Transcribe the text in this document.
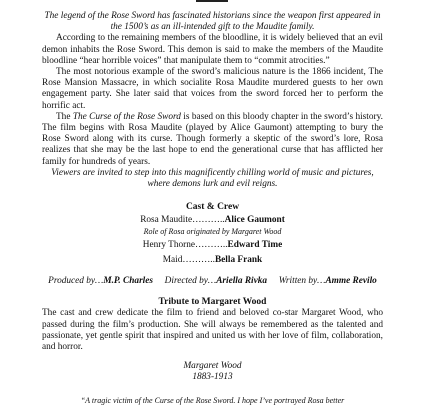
The legend of the Rose Sword has fascinated historians since the weapon first appeared in the 1500’s as an ill-intended gift to the Maudite family.

According to the remaining members of the bloodline, it is widely believed that an evil demon inhabits the Rose Sword. This demon is said to make the members of the Maudite bloodline “hear horrible voices” that manipulate them to “commit atrocities.”

The most notorious example of the sword’s malicious nature is the 1866 incident, The Rose Mansion Massacre, in which socialite Rosa Maudite murdered guests to her own engagement party. She later said that voices from the sword forced her to perform the horrific act.

The The Curse of the Rose Sword is based on this bloody chapter in the sword’s history. The film begins with Rosa Maudite (played by Alice Gaumont) attempting to bury the Rose Sword along with its curse. Though formerly a skeptic of the sword’s lore, Rosa realizes that she may be the last hope to end the generational curse that has afflicted her family for hundreds of years.

Viewers are invited to step into this magnificently chilling world of music and pictures, where demons lurk and evil reigns.

Cast & Crew

Rosa Maudite………..Alice Gaumont

Role of Rosa originated by Margaret Wood

Henry Thorne………..Edward Time

Maid………..Bella Frank

Produced by…M.P. Charles Directed by…Ariella Rivka Written by…Amme Revilo

Tribute to Margaret Wood

The cast and crew dedicate the film to friend and beloved co-star Margaret Wood, who passed during the film’s production. She will always be remembered as the talented and passionate, yet gentle spirit that inspired and united us with her love of film, collaboration, and horror.

Margaret Wood

1883-1913

“A tragic victim of the Curse of the Rose Sword. I hope I’ve portrayed Rosa better
